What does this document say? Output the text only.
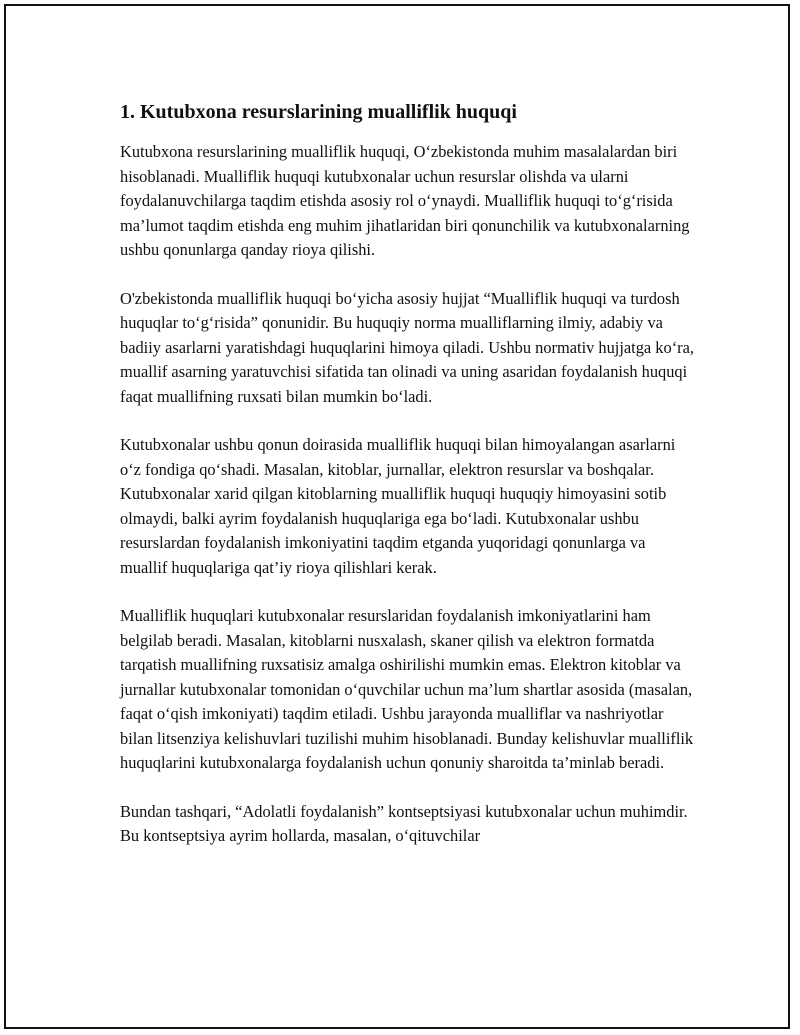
1. Kutubxona resurslarining mualliflik huquqi

Kutubxona resurslarining mualliflik huquqi, O‘zbekistonda muhim masalalardan biri hisoblanadi. Mualliflik huquqi kutubxonalar uchun resurslar olishda va ularni foydalanuvchilarga taqdim etishda asosiy rol o‘ynaydi. Mualliflik huquqi to‘g‘risida ma’lumot taqdim etishda eng muhim jihatlaridan biri qonunchilik va kutubxonalarning ushbu qonunlarga qanday rioya qilishi.

O'zbekistonda mualliflik huquqi bo‘yicha asosiy hujjat “Mualliflik huquqi va turdosh huquqlar to‘g‘risida” qonunidir. Bu huquqiy norma mualliflarning ilmiy, adabiy va badiiy asarlarni yaratishdagi huquqlarini himoya qiladi. Ushbu normativ hujjatga ko‘ra, muallif asarning yaratuvchisi sifatida tan olinadi va uning asaridan foydalanish huquqi faqat muallifning ruxsati bilan mumkin bo‘ladi.

Kutubxonalar ushbu qonun doirasida mualliflik huquqi bilan himoyalangan asarlarni o‘z fondiga qo‘shadi. Masalan, kitoblar, jurnallar, elektron resurslar va boshqalar. Kutubxonalar xarid qilgan kitoblarning mualliflik huquqi huquqiy himoyasini sotib olmaydi, balki ayrim foydalanish huquqlariga ega bo‘ladi. Kutubxonalar ushbu resurslardan foydalanish imkoniyatini taqdim etganda yuqoridagi qonunlarga va muallif huquqlariga qat’iy rioya qilishlari kerak.

Mualliflik huquqlari kutubxonalar resurslaridan foydalanish imkoniyatlarini ham belgilab beradi. Masalan, kitoblarni nusxalash, skaner qilish va elektron formatda tarqatish muallifning ruxsatisiz amalga oshirilishi mumkin emas. Elektron kitoblar va jurnallar kutubxonalar tomonidan o‘quvchilar uchun ma’lum shartlar asosida (masalan, faqat o‘qish imkoniyati) taqdim etiladi. Ushbu jarayonda mualliflar va nashriyotlar bilan litsenziya kelishuvlari tuzilishi muhim hisoblanadi. Bunday kelishuvlar mualliflik huquqlarini kutubxonalarga foydalanish uchun qonuniy sharoitda ta’minlab beradi.

Bundan tashqari, “Adolatli foydalanish” kontseptsiyasi kutubxonalar uchun muhimdir. Bu kontseptsiya ayrim hollarda, masalan, o‘qituvchilar
